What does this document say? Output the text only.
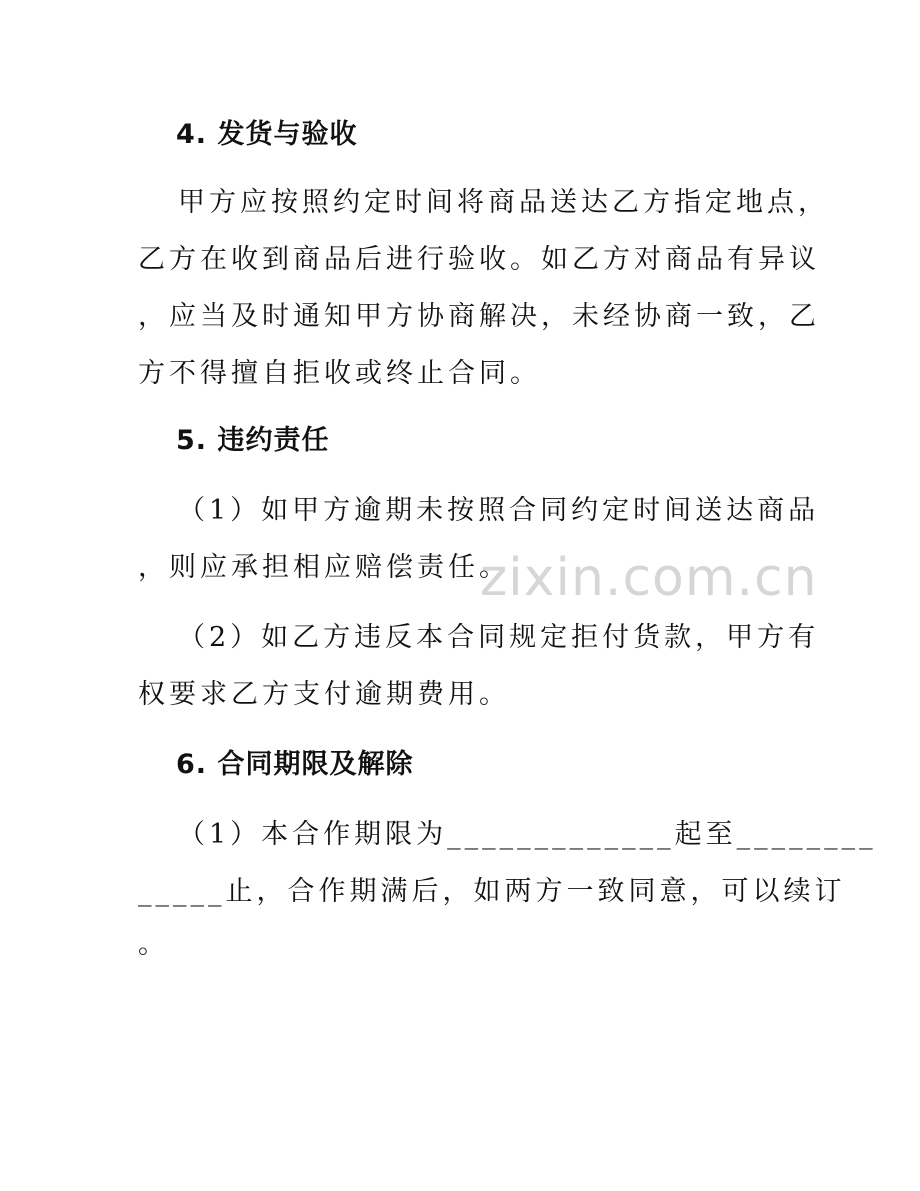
4. 发货与验收
甲方应按照约定时间将商品送达乙方指定地点，
乙方在收到商品后进行验收。如乙方对商品有异议
，应当及时通知甲方协商解决，未经协商一致，乙
方不得擅自拒收或终止合同。
5. 违约责任
（1）如甲方逾期未按照合同约定时间送达商品
，则应承担相应赔偿责任。
（2）如乙方违反本合同规定拒付货款，甲方有
权要求乙方支付逾期费用。
6. 合同期限及解除
（1）本合作期限为_____________起至________
_____止，合作期满后，如两方一致同意，可以续订
。
zixin.com.cn
